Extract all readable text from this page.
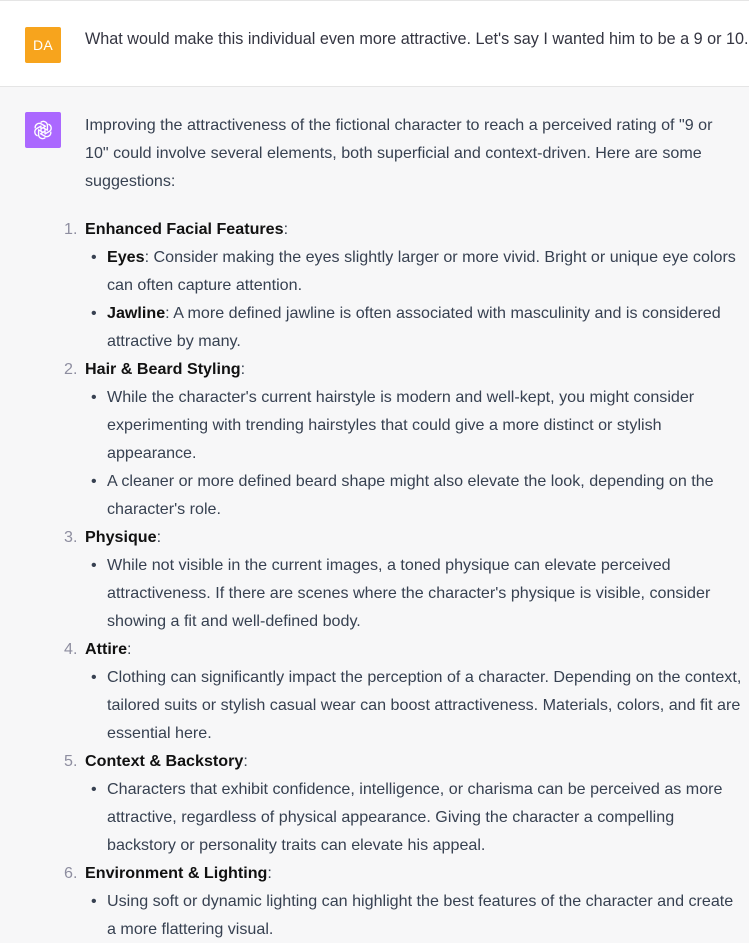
DA What would make this individual even more attractive. Let's say I wanted him to be a 9 or 10.

Improving the attractiveness of the fictional character to reach a perceived rating of "9 or 10" could involve several elements, both superficial and context-driven. Here are some suggestions:

1. Enhanced Facial Features:
• Eyes: Consider making the eyes slightly larger or more vivid. Bright or unique eye colors can often capture attention.
• Jawline: A more defined jawline is often associated with masculinity and is considered attractive by many.
2. Hair & Beard Styling:
• While the character's current hairstyle is modern and well-kept, you might consider experimenting with trending hairstyles that could give a more distinct or stylish appearance.
• A cleaner or more defined beard shape might also elevate the look, depending on the character's role.
3. Physique:
• While not visible in the current images, a toned physique can elevate perceived attractiveness. If there are scenes where the character's physique is visible, consider showing a fit and well-defined body.
4. Attire:
• Clothing can significantly impact the perception of a character. Depending on the context, tailored suits or stylish casual wear can boost attractiveness. Materials, colors, and fit are essential here.
5. Context & Backstory:
• Characters that exhibit confidence, intelligence, or charisma can be perceived as more attractive, regardless of physical appearance. Giving the character a compelling backstory or personality traits can elevate his appeal.
6. Environment & Lighting:
• Using soft or dynamic lighting can highlight the best features of the character and create a more flattering visual.
